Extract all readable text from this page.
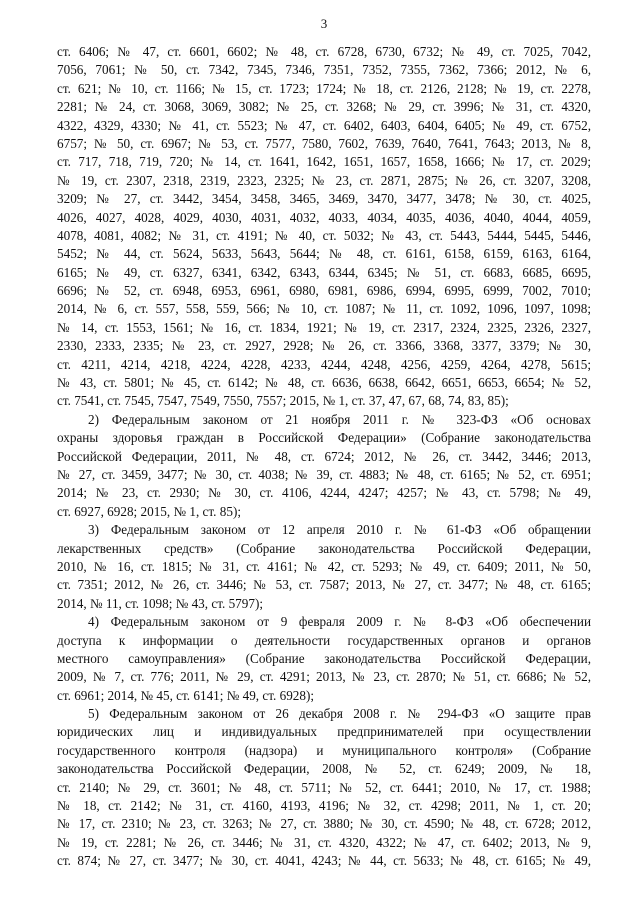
3
ст. 6406; № 47, ст. 6601, 6602; № 48, ст. 6728, 6730, 6732; № 49, ст. 7025, 7042,
7056, 7061; № 50, ст. 7342, 7345, 7346, 7351, 7352, 7355, 7362, 7366; 2012, № 6,
ст. 621; № 10, ст. 1166; № 15, ст. 1723; 1724; № 18, ст. 2126, 2128; № 19, ст. 2278,
2281; № 24, ст. 3068, 3069, 3082; № 25, ст. 3268; № 29, ст. 3996; № 31, ст. 4320,
4322, 4329, 4330; № 41, ст. 5523; № 47, ст. 6402, 6403, 6404, 6405; № 49, ст. 6752,
6757; № 50, ст. 6967; № 53, ст. 7577, 7580, 7602, 7639, 7640, 7641, 7643; 2013, № 8,
ст. 717, 718, 719, 720; № 14, ст. 1641, 1642, 1651, 1657, 1658, 1666; № 17, ст. 2029;
№ 19, ст. 2307, 2318, 2319, 2323, 2325; № 23, ст. 2871, 2875; № 26, ст. 3207, 3208,
3209; № 27, ст. 3442, 3454, 3458, 3465, 3469, 3470, 3477, 3478; № 30, ст. 4025,
4026, 4027, 4028, 4029, 4030, 4031, 4032, 4033, 4034, 4035, 4036, 4040, 4044, 4059,
4078, 4081, 4082; № 31, ст. 4191; № 40, ст. 5032; № 43, ст. 5443, 5444, 5445, 5446,
5452; № 44, ст. 5624, 5633, 5643, 5644; № 48, ст. 6161, 6158, 6159, 6163, 6164,
6165; № 49, ст. 6327, 6341, 6342, 6343, 6344, 6345; № 51, ст. 6683, 6685, 6695,
6696; № 52, ст. 6948, 6953, 6961, 6980, 6981, 6986, 6994, 6995, 6999, 7002, 7010;
2014, № 6, ст. 557, 558, 559, 566; № 10, ст. 1087; № 11, ст. 1092, 1096, 1097, 1098;
№ 14, ст. 1553, 1561; № 16, ст. 1834, 1921; № 19, ст. 2317, 2324, 2325, 2326, 2327,
2330, 2333, 2335; № 23, ст. 2927, 2928; № 26, ст. 3366, 3368, 3377, 3379; № 30,
ст. 4211, 4214, 4218, 4224, 4228, 4233, 4244, 4248, 4256, 4259, 4264, 4278, 5615;
№ 43, ст. 5801; № 45, ст. 6142; № 48, ст. 6636, 6638, 6642, 6651, 6653, 6654; № 52,
ст. 7541, ст. 7545, 7547, 7549, 7550, 7557; 2015, № 1, ст. 37, 47, 67, 68, 74, 83, 85);
2) Федеральным законом от 21 ноября 2011 г. № 323-ФЗ «Об основах
охраны здоровья граждан в Российской Федерации» (Собрание законодательства
Российской Федерации, 2011, № 48, ст. 6724; 2012, № 26, ст. 3442, 3446; 2013,
№ 27, ст. 3459, 3477; № 30, ст. 4038; № 39, ст. 4883; № 48, ст. 6165; № 52, ст. 6951;
2014; № 23, ст. 2930; № 30, ст. 4106, 4244, 4247; 4257; № 43, ст. 5798; № 49,
ст. 6927, 6928; 2015, № 1, ст. 85);
3) Федеральным законом от 12 апреля 2010 г. № 61-ФЗ «Об обращении
лекарственных средств» (Собрание законодательства Российской Федерации,
2010, № 16, ст. 1815; № 31, ст. 4161; № 42, ст. 5293; № 49, ст. 6409; 2011, № 50,
ст. 7351; 2012, № 26, ст. 3446; № 53, ст. 7587; 2013, № 27, ст. 3477; № 48, ст. 6165;
2014, № 11, ст. 1098; № 43, ст. 5797);
4) Федеральным законом от 9 февраля 2009 г. № 8-ФЗ «Об обеспечении
доступа к информации о деятельности государственных органов и органов
местного самоуправления» (Собрание законодательства Российской Федерации,
2009, № 7, ст. 776; 2011, № 29, ст. 4291; 2013, № 23, ст. 2870; № 51, ст. 6686; № 52,
ст. 6961; 2014, № 45, ст. 6141; № 49, ст. 6928);
5) Федеральным законом от 26 декабря 2008 г. № 294-ФЗ «О защите прав
юридических лиц и индивидуальных предпринимателей при осуществлении
государственного контроля (надзора) и муниципального контроля» (Собрание
законодательства Российской Федерации, 2008, № 52, ст. 6249; 2009, № 18,
ст. 2140; № 29, ст. 3601; № 48, ст. 5711; № 52, ст. 6441; 2010, № 17, ст. 1988;
№ 18, ст. 2142; № 31, ст. 4160, 4193, 4196; № 32, ст. 4298; 2011, № 1, ст. 20;
№ 17, ст. 2310; № 23, ст. 3263; № 27, ст. 3880; № 30, ст. 4590; № 48, ст. 6728; 2012,
№ 19, ст. 2281; № 26, ст. 3446; № 31, ст. 4320, 4322; № 47, ст. 6402; 2013, № 9,
ст. 874; № 27, ст. 3477; № 30, ст. 4041, 4243; № 44, ст. 5633; № 48, ст. 6165; № 49,
